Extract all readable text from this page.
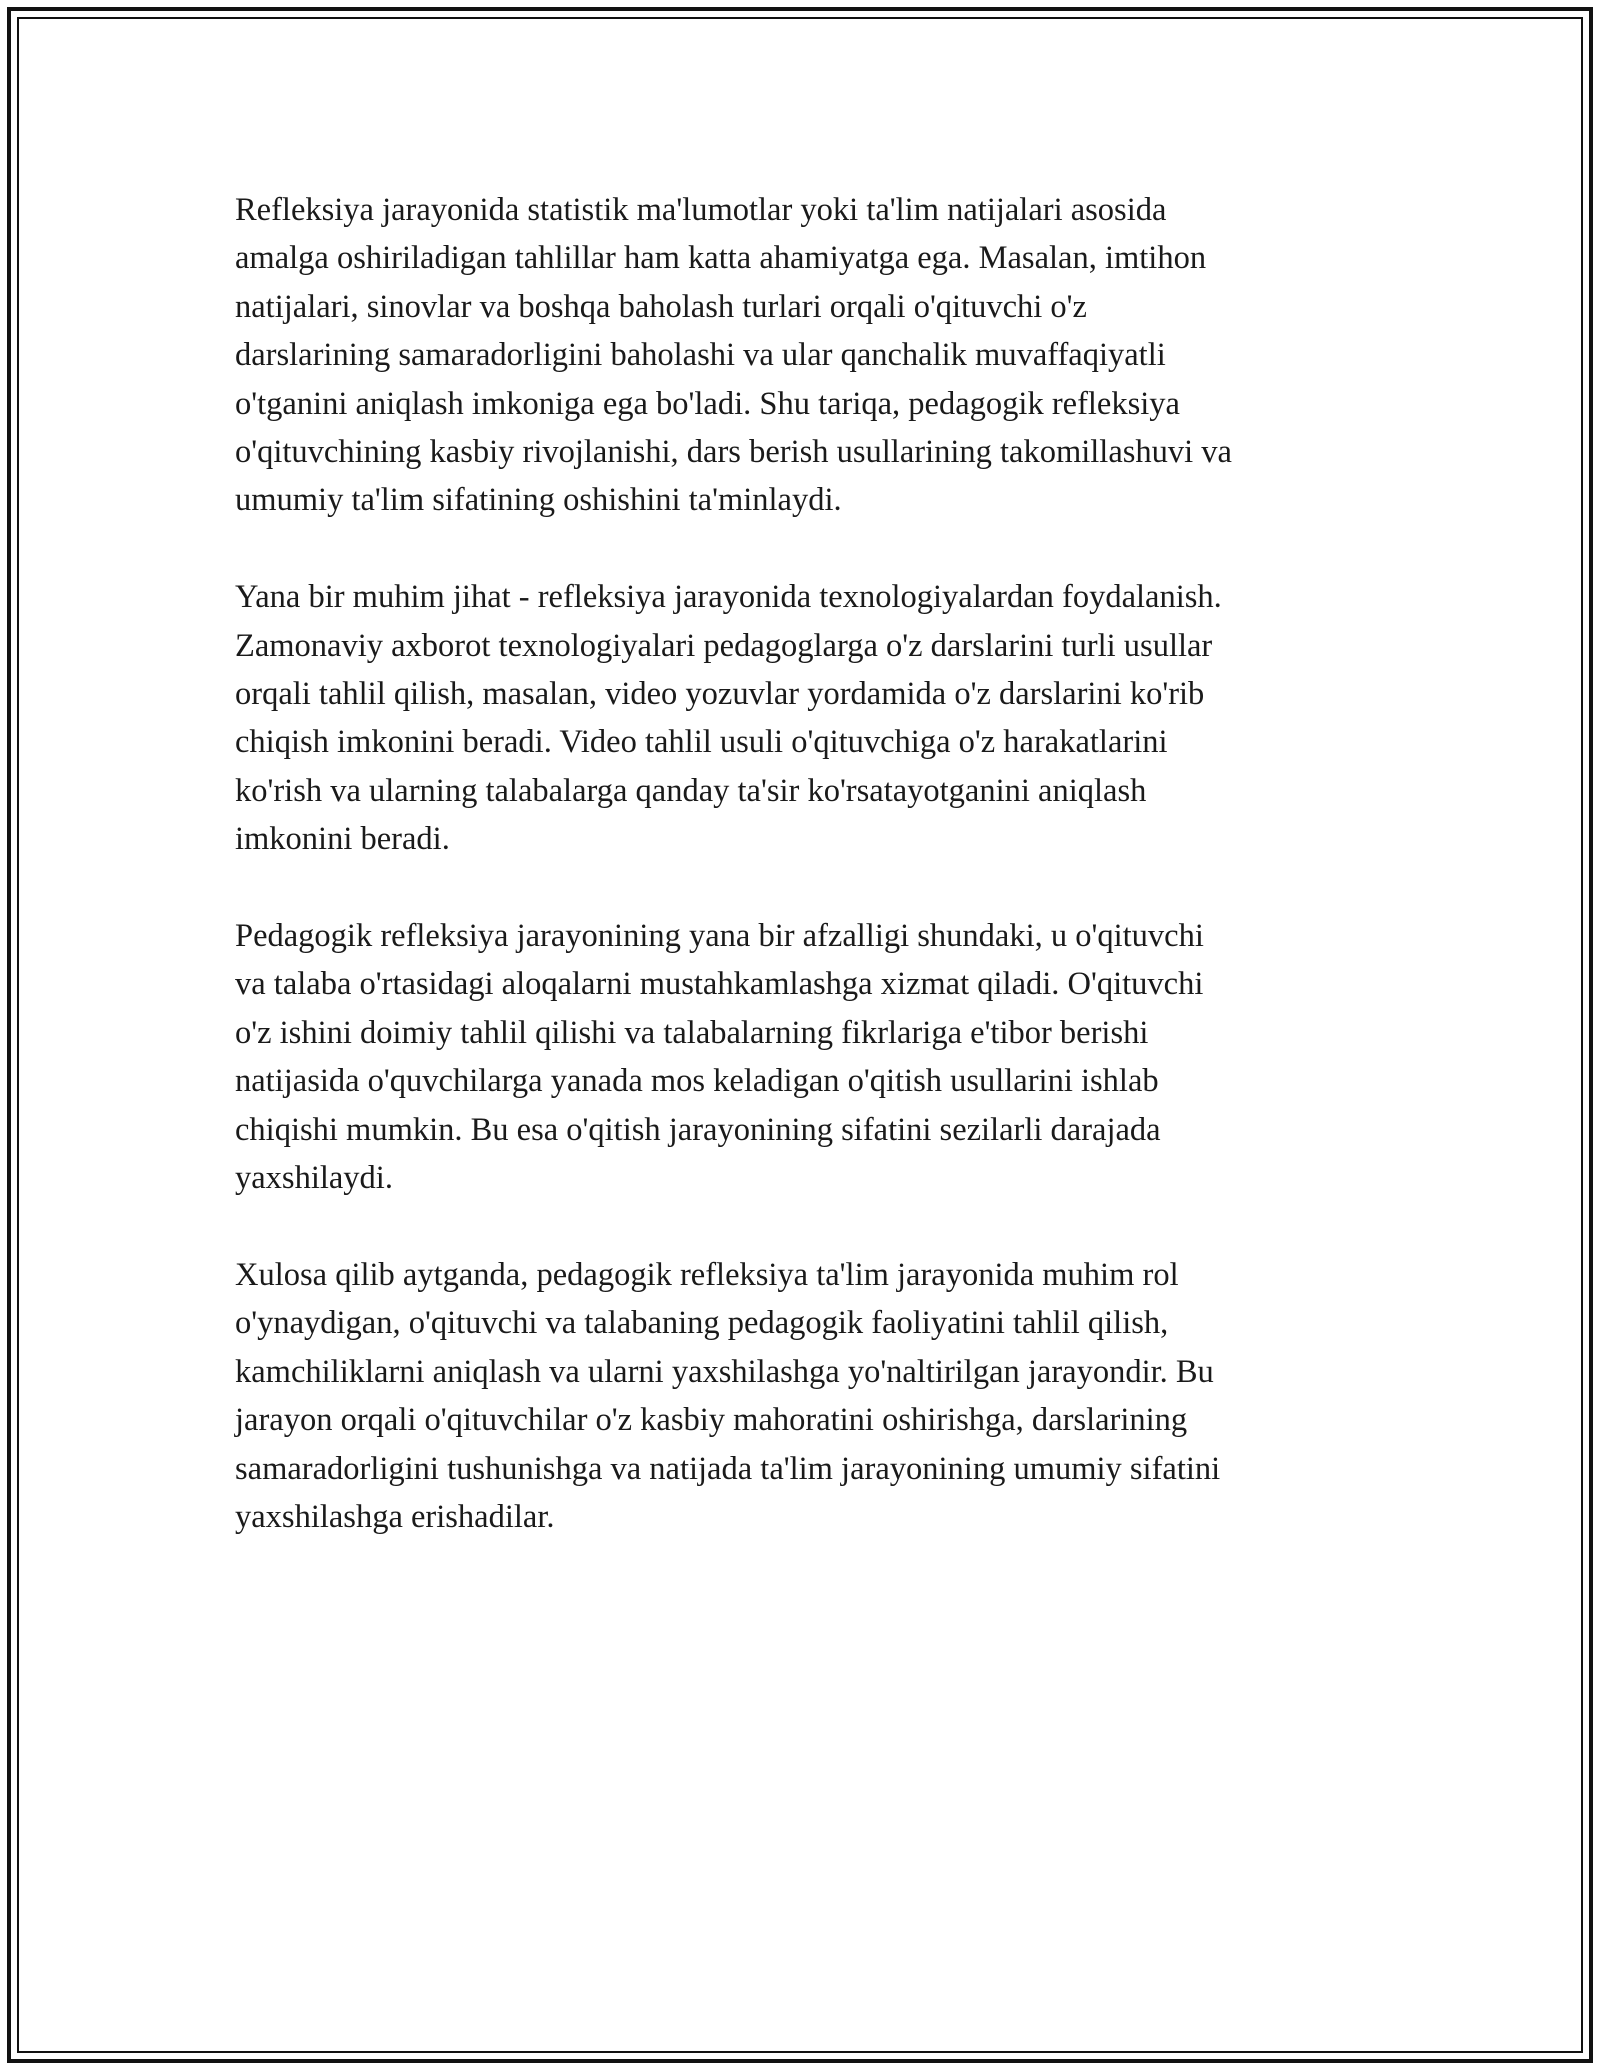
Refleksiya jarayonida statistik ma'lumotlar yoki ta'lim natijalari asosida
amalga oshiriladigan tahlillar ham katta ahamiyatga ega. Masalan, imtihon
natijalari, sinovlar va boshqa baholash turlari orqali o'qituvchi o'z
darslarining samaradorligini baholashi va ular qanchalik muvaffaqiyatli
o'tganini aniqlash imkoniga ega bo'ladi. Shu tariqa, pedagogik refleksiya
o'qituvchining kasbiy rivojlanishi, dars berish usullarining takomillashuvi va
umumiy ta'lim sifatining oshishini ta'minlaydi.

Yana bir muhim jihat - refleksiya jarayonida texnologiyalardan foydalanish.
Zamonaviy axborot texnologiyalari pedagoglarga o'z darslarini turli usullar
orqali tahlil qilish, masalan, video yozuvlar yordamida o'z darslarini ko'rib
chiqish imkonini beradi. Video tahlil usuli o'qituvchiga o'z harakatlarini
ko'rish va ularning talabalarga qanday ta'sir ko'rsatayotganini aniqlash
imkonini beradi.

Pedagogik refleksiya jarayonining yana bir afzalligi shundaki, u o'qituvchi
va talaba o'rtasidagi aloqalarni mustahkamlashga xizmat qiladi. O'qituvchi
o'z ishini doimiy tahlil qilishi va talabalarning fikrlariga e'tibor berishi
natijasida o'quvchilarga yanada mos keladigan o'qitish usullarini ishlab
chiqishi mumkin. Bu esa o'qitish jarayonining sifatini sezilarli darajada
yaxshilaydi.

Xulosa qilib aytganda, pedagogik refleksiya ta'lim jarayonida muhim rol
o'ynaydigan, o'qituvchi va talabaning pedagogik faoliyatini tahlil qilish,
kamchiliklarni aniqlash va ularni yaxshilashga yo'naltirilgan jarayondir. Bu
jarayon orqali o'qituvchilar o'z kasbiy mahoratini oshirishga, darslarining
samaradorligini tushunishga va natijada ta'lim jarayonining umumiy sifatini
yaxshilashga erishadilar.
